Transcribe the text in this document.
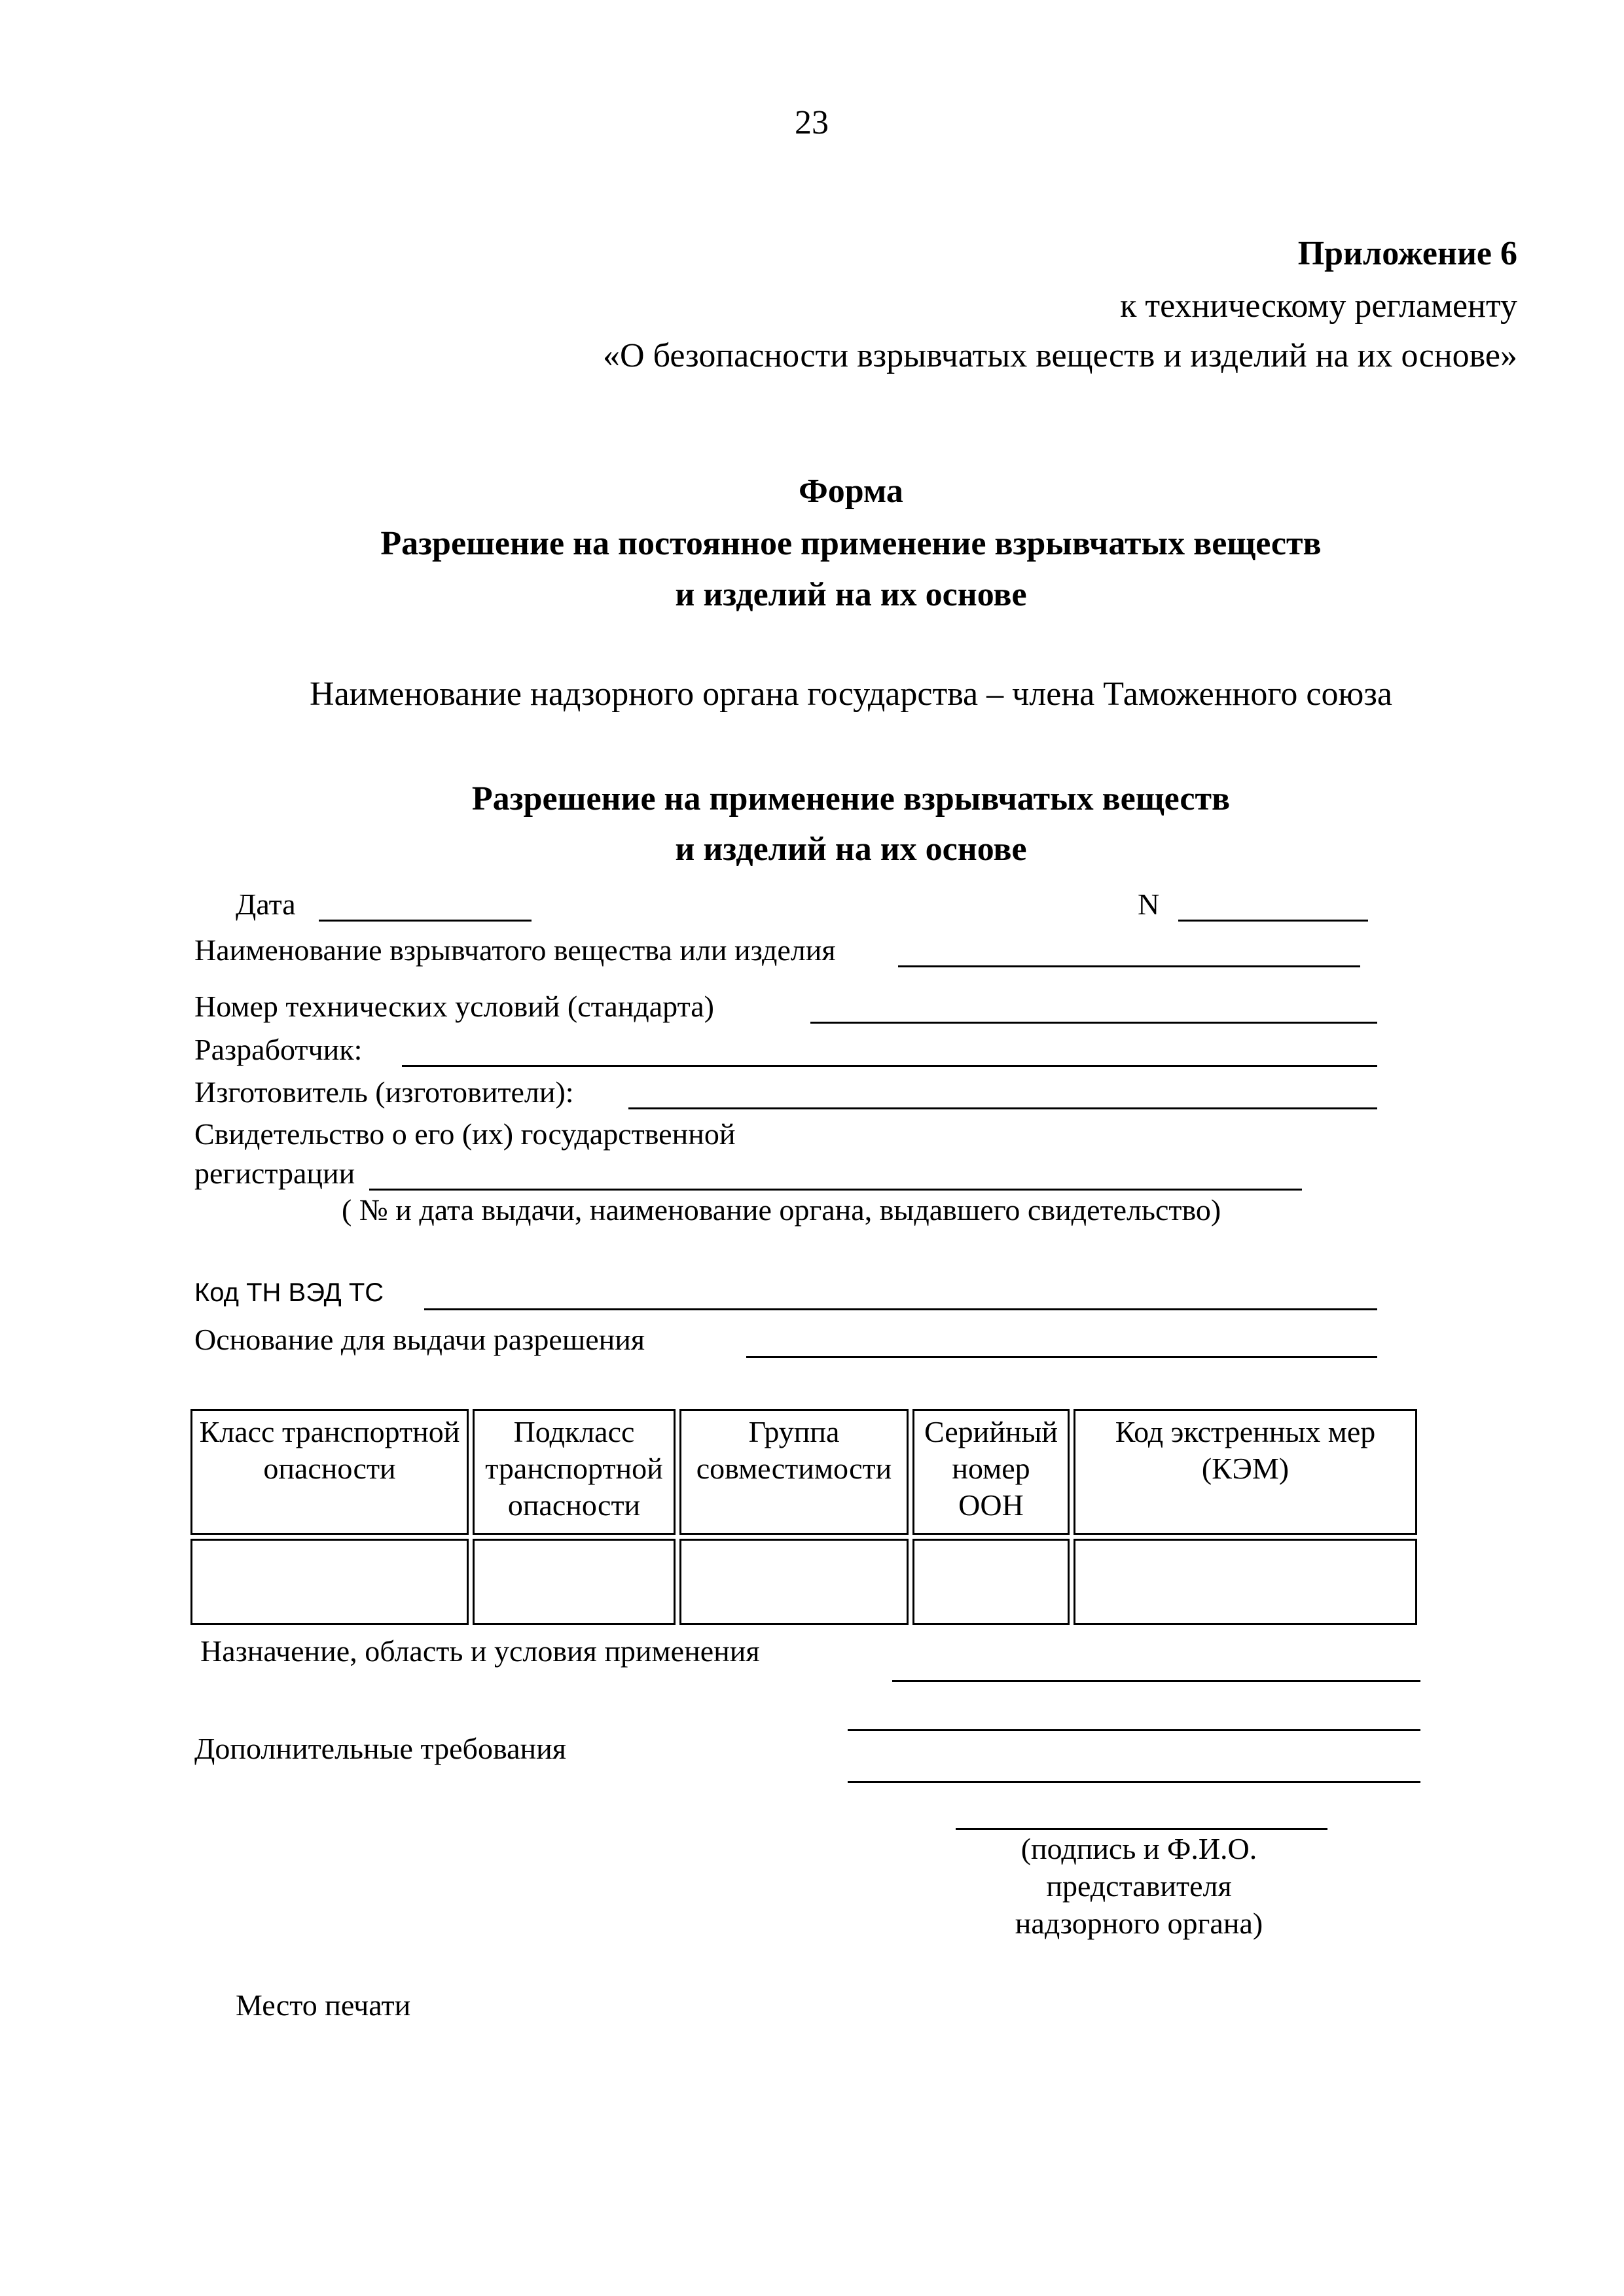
23
Приложение 6
к техническому регламенту
«О безопасности взрывчатых веществ и изделий на их основе»
Форма
Разрешение на постоянное применение взрывчатых веществ
и изделий на их основе
Наименование надзорного органа государства – члена Таможенного союза
Разрешение на применение взрывчатых веществ
и изделий на их основе
Дата	N
Наименование взрывчатого вещества или изделия
Номер технических условий (стандарта)
Разработчик:
Изготовитель (изготовители):
Свидетельство о его (их) государственной
регистрации
( № и дата выдачи, наименование органа, выдавшего свидетельство)
Код ТН ВЭД ТС
Основание для выдачи разрешения
Класс транспортной опасности	Подкласс транспортной опасности	Группа совместимости	Серийный номер ООН	Код экстренных мер (КЭМ)

Назначение, область и условия применения
Дополнительные требования
(подпись и Ф.И.О.
представителя
надзорного органа)
Место печати
